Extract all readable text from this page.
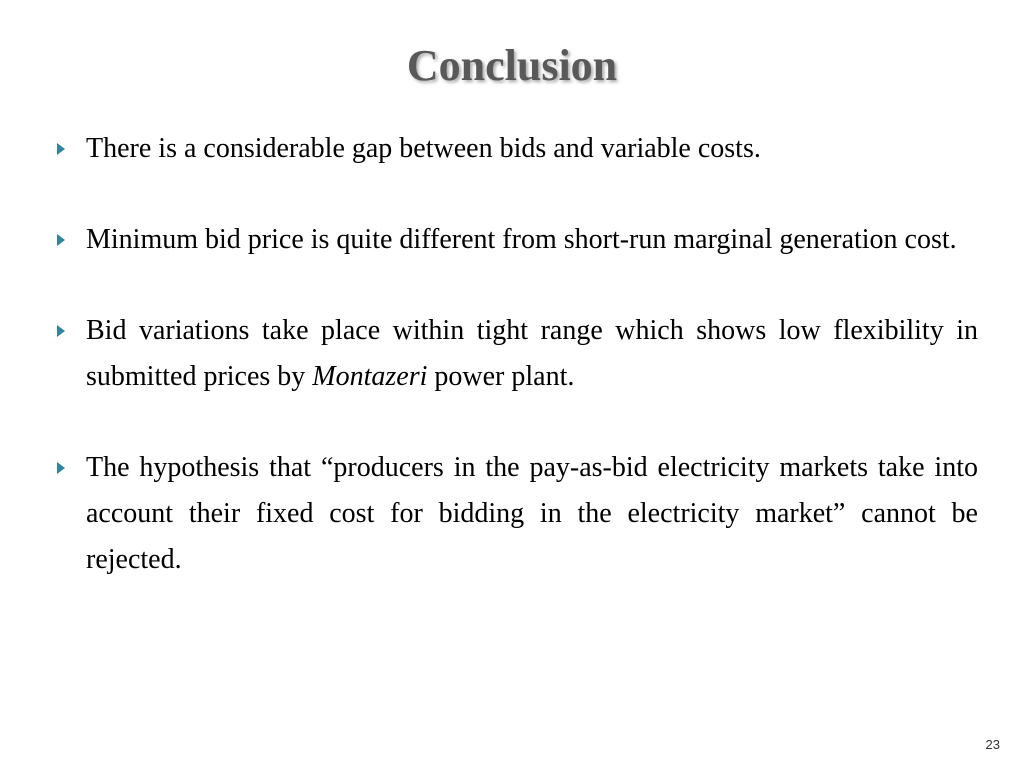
Conclusion
There is a considerable gap between bids and variable costs.
Minimum bid price is quite different from short-run marginal generation cost.
Bid variations take place within tight range which shows low flexibility in submitted prices by Montazeri power plant.
The hypothesis that “producers in the pay-as-bid electricity markets take into account their fixed cost for bidding in the electricity market” cannot be rejected.
23
